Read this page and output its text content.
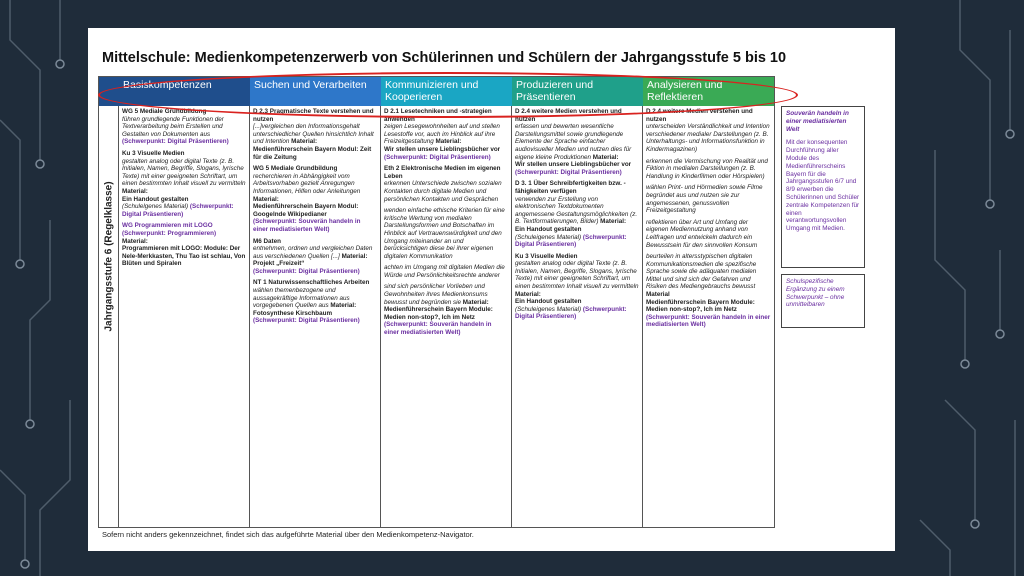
Mittelschule: Medienkompetenzerwerb von Schülerinnen und Schülern der Jahrgangsstufe 5 bis 10
Basiskompetenzen	Suchen und Verarbeiten	Kommunizieren und Kooperieren
Produzieren und Präsentieren
Analysieren und Reflektieren
Jahrgangsstufe 6 (Regelklasse)

WG 5 Mediale Grundbildung
führen grundlegende Funktionen der Textverarbeitung beim Erstellen und Gestalten von Dokumenten aus (Schwerpunkt: Digital Präsentieren)

Ku 3 Visuelle Medien
gestalten analog oder digital Texte (z. B. Initialen, Namen, Begriffe, Slogans, lyrische Texte) mit einer geeigneten Schriftart, um einen bestimmten Inhalt visuell zu vermitteln Material:
Ein Handout gestalten
(Schulelgenes Material) (Schwerpunkt: Digital Präsentieren)

WG Programmieren mit LOGO
(Schwerpunkt: Programmieren)
Material:
Programmieren mit LOGO: Module: Der Nele-Merkkasten, Thu Tao ist schlau, Von Blüten und Spiralen

D 2.3 Pragmatische Texte verstehen und nutzen
[...]vergleichen den Informationsgehalt unterschiedlicher Quellen hinsichtlich Inhalt und Intention Material:
Medienführerschein Bayern Modul: Zeit für die Zeitung

WG 5 Mediale Grundbildung
recherchieren in Abhängigkeit vom Arbeitsvorhaben gezielt Anregungen Informationen, Hilfen oder Anleitungen Material:
Medienführerschein Bayern Modul: Googelnde Wikipedianer
(Schwerpunkt: Souverän handeln in einer mediatisierten Welt)

M6 Daten
entnehmen, ordnen und vergleichen Daten aus verschiedenen Quellen [...] Material:
Projekt „Freizeit“
(Schwerpunkt: Digital Präsentieren)

NT 1 Naturwissenschaftliches Arbeiten
wählen themenbezogene und aussagekräftige Informationen aus vorgegebenen Quellen aus Material:
Fotosynthese Kirschbaum
(Schwerpunkt: Digital Präsentieren)

D 2.1 Lesetechniken und -strategien anwenden
zeigen Lesegewohnheiten auf und stellen Lesestoffe vor, auch im Hinblick auf ihre Freizeitgestaltung Material:
Wir stellen unsere Lieblingsbücher vor
(Schwerpunkt: Digital Präsentieren)

Eth 2 Elektronische Medien im eigenen Leben
erkennen Unterschiede zwischen sozialen Kontakten durch digitale Medien und persönlichen Kontakten und Gesprächen

wenden einfache ethische Kriterien für eine kritische Wertung von medialen Darstellungsformen und Botschaften im Hinblick auf Vertrauenswürdigkeit und den Umgang miteinander an und berücksichtigen diese bei ihrer eigenen digitalen Kommunikation

achten im Umgang mit digitalen Medien die Würde und Persönlichkeitsrechte anderer

sind sich persönlicher Vorlieben und Gewohnheiten ihres Medienkonsums bewusst und begründen sie Material:
Medienführerschein Bayern Module: Medien non-stop?, Ich im Netz
(Schwerpunkt: Souverän handeln in einer mediatisierten Welt)

D 2.4 weitere Medien verstehen und nutzen
erfassen und bewerten wesentliche Darstellungsmittel sowie grundlegende Elemente der Sprache einfacher audiovisueller Medien und nutzen dies für eigene kleine Produktionen Material:
Wir stellen unsere Lieblingsbücher vor
(Schwerpunkt: Digital Präsentieren)

D 3. 1 Über Schreibfertigkeiten bzw. -fähigkeiten verfügen
verwenden zur Erstellung von elektronischen Textdokumenten angemessene Gestaltungsmöglichkeiten (z. B. Textformatierungen, Bilder) Material:
Ein Handout gestalten
(Schuleigenes Material) (Schwerpunkt: Digital Präsentieren)

Ku 3 Visuelle Medien
gestalten analog oder digital Texte (z. B. Initialen, Namen, Begriffe, Slogans, lyrische Texte) mit einer geeigneten Schriftart, um einen bestimmten Inhalt visuell zu vermitteln Material:
Ein Handout gestalten
(Schuleigenes Material) (Schwerpunkt: Digital Präsentieren)

D 2.4 weitere Medien verstehen und nutzen
unterscheiden Verständlichkeit und Intention verschiedener medialer Darstellungen (z. B. Unterhaltungs- und Informationsfunktion in Kindermagazinen)

erkennen die Vermischung von Realität und Fiktion in medialen Darstellungen (z. B. Handlung in Kinderfilmen oder Hörspielen)

wählen Print- und Hörmedien sowie Filme begründet aus und nutzen sie zur angemessenen, genussvollen Freizeitgestaltung

reflektieren über Art und Umfang der eigenen Mediennutzung anhand von Leitfragen und entwickeln dadurch ein Bewusstsein für den sinnvollen Konsum

beurteilen in altersstypischen digitalen Kommunikationsmedien die spezifische Sprache sowie die adäquaten medialen Mittel und sind sich der Gefahren und Risiken des Mediengebrauchs bewusst Material
Medienführerschein Bayern Module: Medien non-stop?, Ich im Netz
(Schwerpunkt: Souverän handeln in einer mediatisierten Welt)

Souverän handeln in einer mediatisierten Welt
Mit der konsequenten Durchführung aller Module des Medienführerscheins Bayern für die Jahrgangsstufen 6/7 und 8/9 erwerben die Schülerinnen und Schüler zentrale Kompetenzen für einen verantwortungsvollen Umgang mit Medien.
Schulspezifische Ergänzung zu einem Schwerpunkt – ohne unmittelbaren
Sofern nicht anders gekennzeichnet, findet sich das aufgeführte Material über den Medienkompetenz-Navigator.
